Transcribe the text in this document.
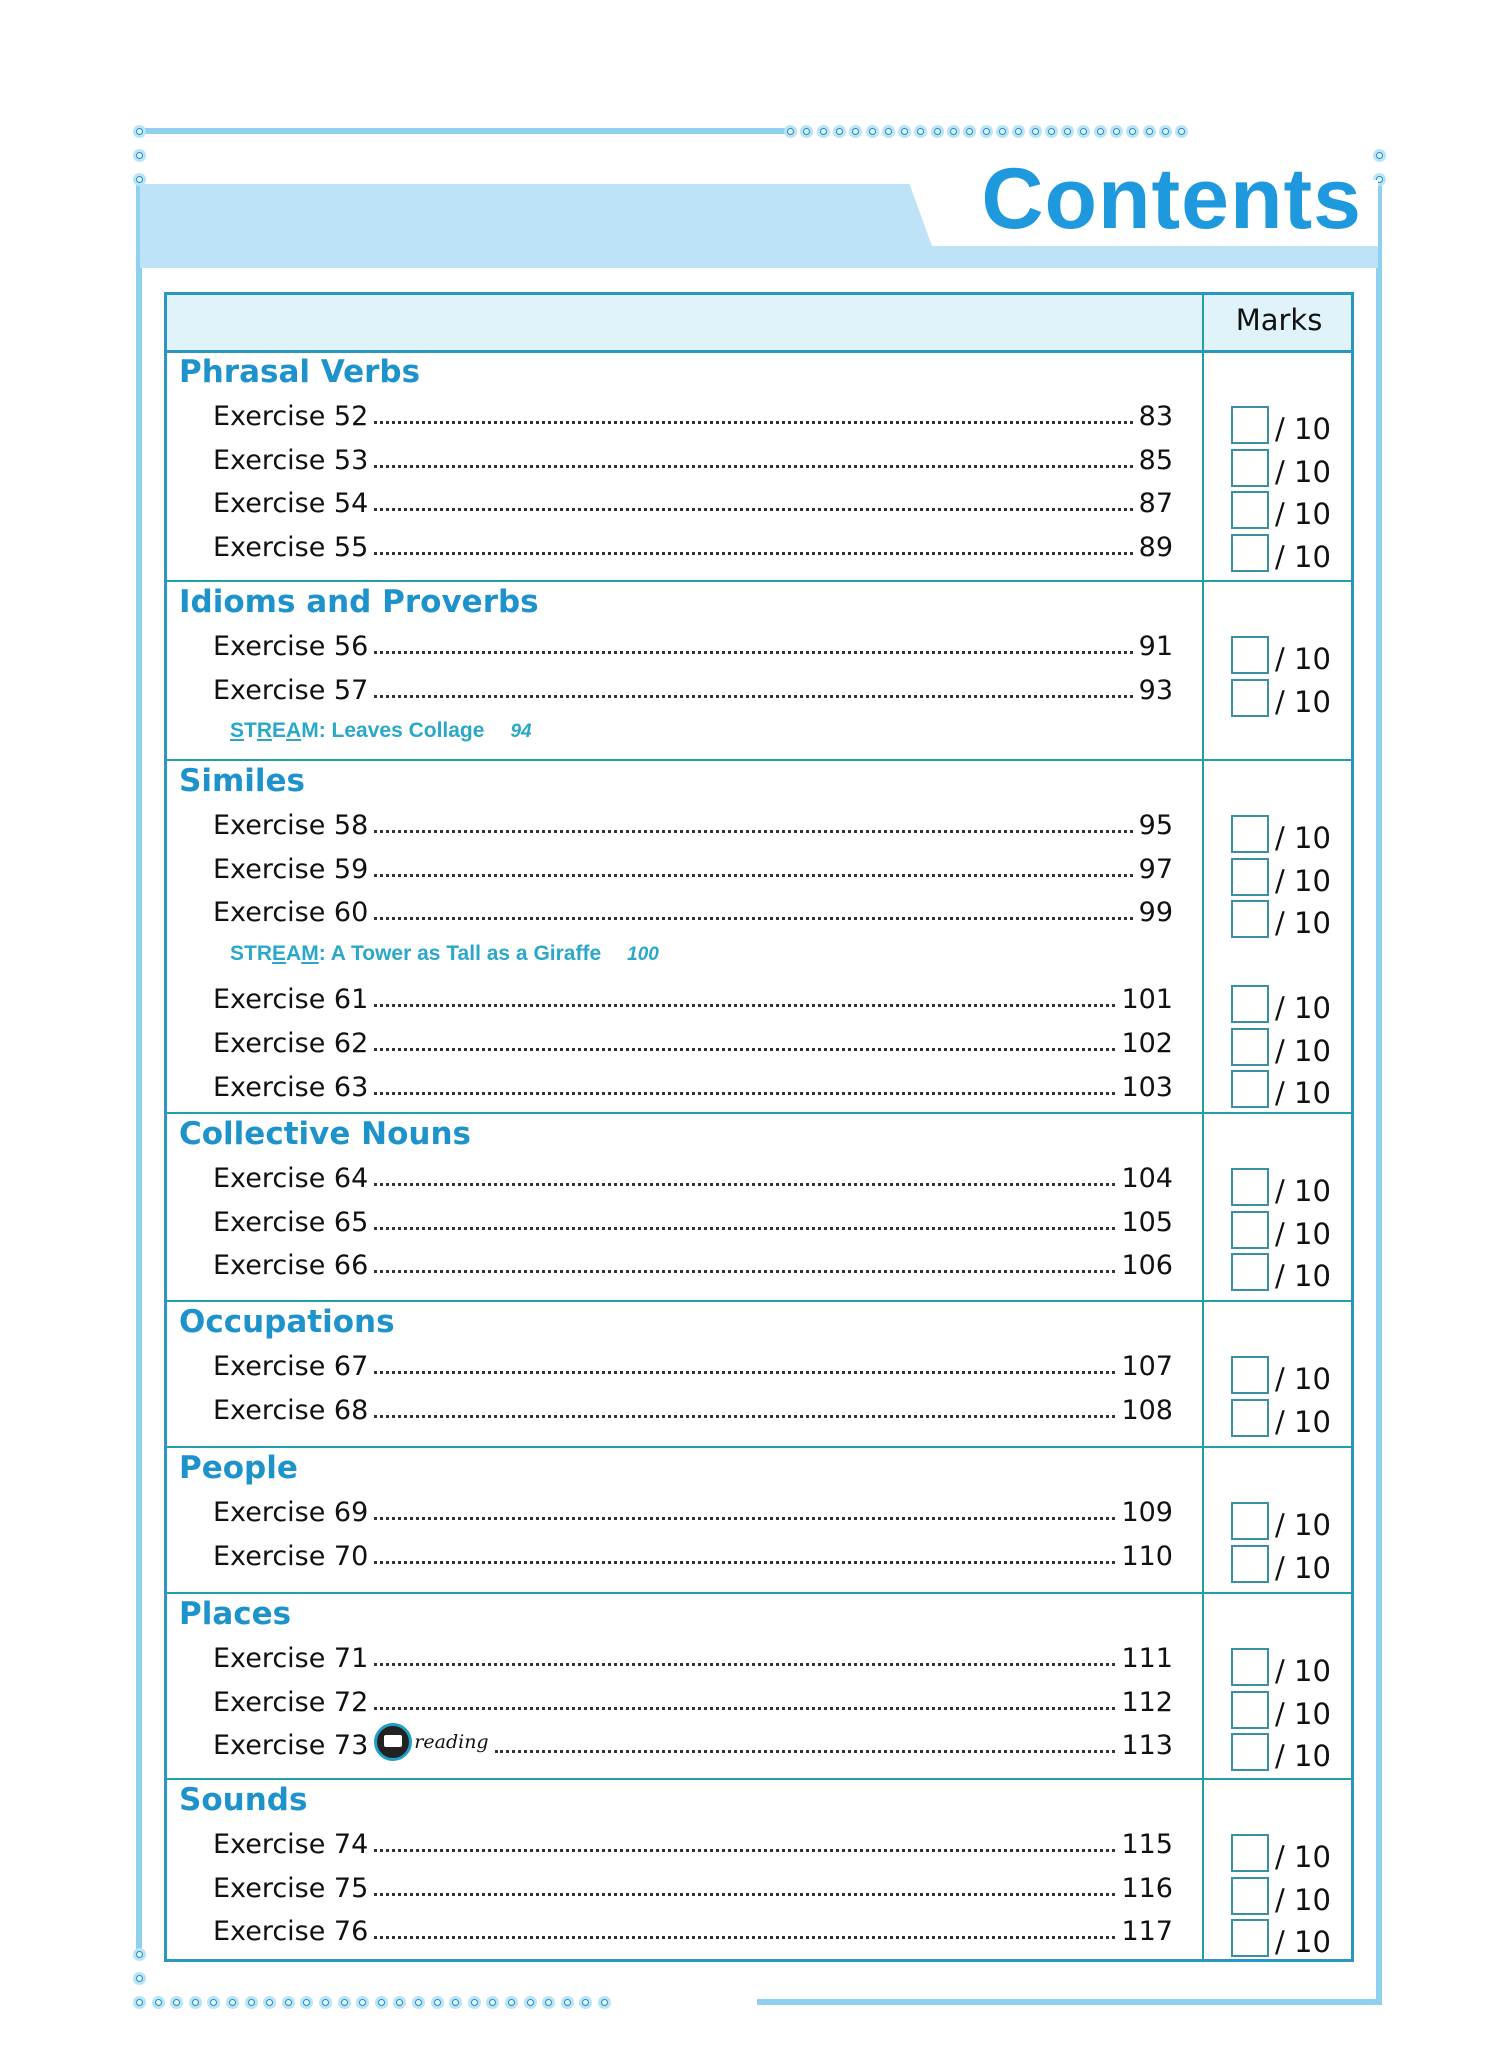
Contents
Marks
Phrasal Verbs
Exercise 52	83	/ 10
Exercise 53	85	/ 10
Exercise 54	87	/ 10
Exercise 55	89	/ 10
Idioms and Proverbs
Exercise 56	91	/ 10
Exercise 57	93	/ 10
STREAM: Leaves Collage 94
Similes
Exercise 58	95	/ 10
Exercise 59	97	/ 10
Exercise 60	99	/ 10
STREAM: A Tower as Tall as a Giraffe 100
Exercise 61	101	/ 10
Exercise 62	102	/ 10
Exercise 63	103	/ 10
Collective Nouns
Exercise 64	104	/ 10
Exercise 65	105	/ 10
Exercise 66	106	/ 10
Occupations
Exercise 67	107	/ 10
Exercise 68	108	/ 10
People
Exercise 69	109	/ 10
Exercise 70	110	/ 10
Places
Exercise 71	111	/ 10
Exercise 72	112	/ 10
Exercise 73 reading	113	/ 10
Sounds
Exercise 74	115	/ 10
Exercise 75	116	/ 10
Exercise 76	117	/ 10
